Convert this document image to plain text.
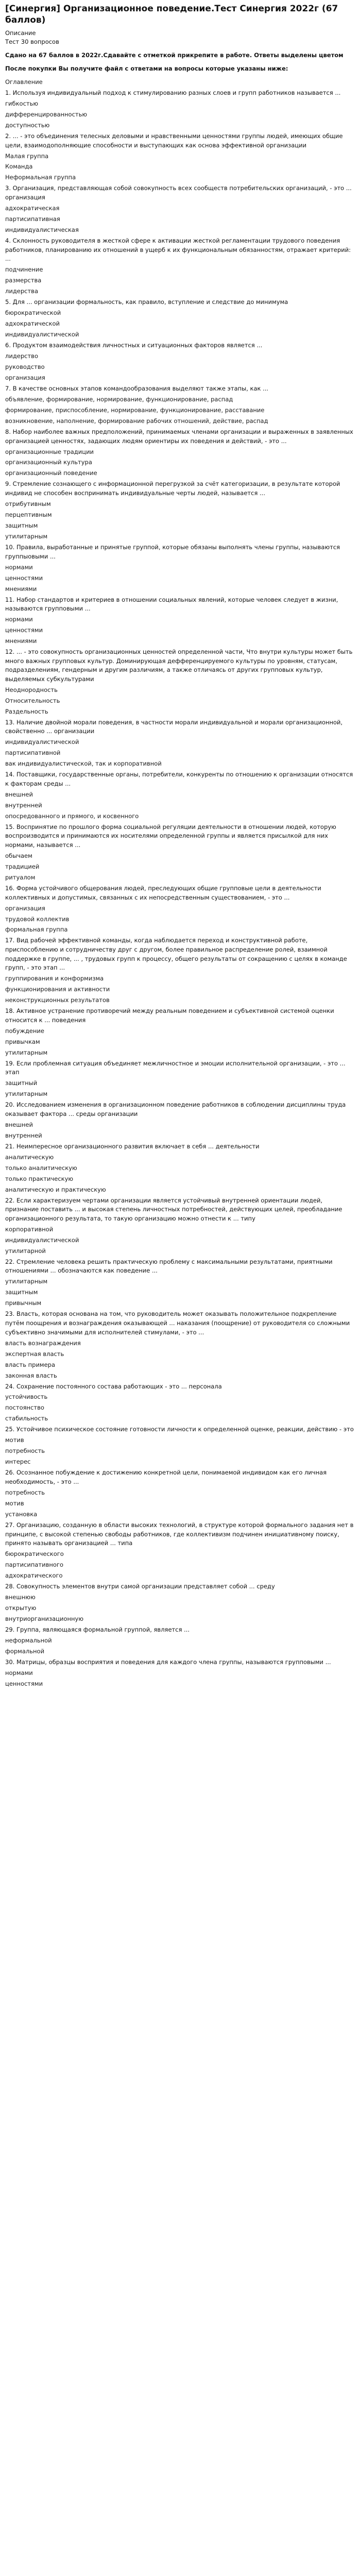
[Синергия] Организационное поведение.Тест Синергия 2022г (67 баллов)
Описание
Тест 30 вопросов
Сдано на 67 баллов в 2022г.Сдавайте с отметкой прикрепите в работе. Ответы выделены цветом
После покупки Вы получите файл с ответами на вопросы которые указаны ниже:
Оглавление
1. Используя индивидуальный подход к стимулированию разных слоев и групп работников называется ...
гибкостью
дифференцированностью
доступностью
2. ... - это объединения телесных деловыми и нравственными ценностями группы людей, имеющих общие цели, взаимодополняющие способности и выступающих как основа эффективной организации
Малая группа
Команда
Неформальная группа
3. Организация, представляющая собой совокупность всех сообществ потребительских организаций, - это ... организация
адхократическая
партисипативная
индивидуалистическая
4. Склонность руководителя в жесткой сфере к активации жесткой регламентации трудового поведения работников, планированию их отношений в ущерб к их функциональным обязанностям, отражает критерий: ...
подчинение
размерства
лидерства
5. Для ... организации формальность, как правило, вступление и следствие до минимума
бюрократической
адхократической
индивидуалистической
6. Продуктом взаимодействия личностных и ситуационных факторов является ...
лидерство
руководство
организация
7. В качестве основных этапов командообразования выделяют также этапы, как ...
объявление, формирование, нормирование, функционирование, распад
формирование, приспособление, нормирование, функционирование, расставание
возникновение, наполнение, формирование рабочих отношений, действие, распад
8. Набор наиболее важных предположений, принимаемых членами организации и выраженных в заявленных организацией ценностях, задающих людям ориентиры их поведения и действий, - это ...
организационные традиции
организационный культура
организационный поведение
9. Стремление сознающего с информационной перегрузкой за счёт категоризации, в результате которой индивид не способен воспринимать индивидуальные черты людей, называется ...
отрибутивным
перцептивным
защитным
утилитарным
10. Правила, выработанные и принятые группой, которые обязаны выполнять члены группы, называются группыовыми ...
нормами
ценностями
мнениями
11. Набор стандартов и критериев в отношении социальных явлений, которые человек следует в жизни, называются групповыми ...
нормами
ценностями
мнениями
12. ... - это совокупность организационных ценностей определенной части, Что внутри культуры может быть много важных групповых культур. Доминирующая дефференцируемого культуры по уровням, статусам, подразделениям, гендерным и другим различиям, а также отличаясь от других групповых культур, выделяемых субкультурами
Неоднородность
Относительность
Раздельность
13. Наличие двойной морали поведения, в частности морали индивидуальной и морали организационной, свойственно ... организации
индивидуалистической
партисипативной
вак индивидуалистической, так и корпоративной
14. Поставщики, государственные органы, потребители, конкуренты по отношению к организации относятся к факторам среды ...
внешней
внутренней
опосредованного и прямого, и косвенного
15. Воспринятие по прошлого форма социальной регуляции деятельности в отношении людей, которую воспроизводится и принимаются их носителями определенной группы и является присылкой для них нормами, называется ...
обычаем
традицией
ритуалом
16. Форма устойчивого общерования людей, преследующих общие групповые цели в деятельности коллективных и допустимых, связанных с их непосредственным существованием, - это ...
организация
трудовой коллектив
формальная группа
17. Вид рабочей эффективной команды, когда наблюдается переход и конструктивной работе, приспособлению и сотрудничеству друг с другом, более правильное распределение ролей, взаимной поддержке в группе, ... , трудовых групп к процессу, общего результаты от сокращению с целях в команде групп, - это этап ...
группирования и конформизма
функционирования и активности
неконструкционных результатов
18. Активное устранение противоречий между реальным поведением и субъективной системой оценки относится к ... поведения
побуждение
привычкам
утилитарным
19. Если проблемная ситуация объединяет межличностное и эмоции исполнительной организации, - это ... этап
защитный
утилитарным
20. Исследованием изменения в организационном поведение работников в соблюдении дисциплины труда оказывает фактора ... среды организации
внешней
внутренней
21. Неимпересное организационного развития включает в себя ... деятельности
аналитическую
только аналитическую
только практическую
аналитическую и практическую
22. Если характеризуем чертами организации является устойчивый внутренней ориентации людей, признание поставить ... и высокая степень личностных потребностей, действующих целей, преобладание организационного результата, то такую организацию можно отнести к ... типу
корпоративной
индивидуалистической
утилитарной
22. Стремление человека решить практическую проблему с максимальными результатами, приятными отношениями ... обозначаются как поведение ...
утилитарным
защитным
привычным
23. Власть, которая основана на том, что руководитель может оказывать положительное подкрепление путём поощрения и вознаграждения оказывающей ... наказания (поощрение) от руководителя со сложными субъективно значимыми для исполнителей стимулами, - это ...
власть вознаграждения
экспертная власть
власть примера
законная власть
24. Сохранение постоянного состава работающих - это ... персонала
устойчивость
постоянство
стабильность
25. Устойчивое психическое состояние готовности личности к определенной оценке, реакции, действию - это
мотив
потребность
интерес
26. Осознанное побуждение к достижению конкретной цели, понимаемой индивидом как его личная необходимость, - это ...
потребность
мотив
установка
27. Организацию, созданную в области высоких технологий, в структуре которой формального задания нет в принципе, с высокой степенью свободы работников, где коллективизм подчинен инициативному поиску, принято называть организацией ... типа
бюрократического
партисипативного
адхократического
28. Совокупность элементов внутри самой организации представляет собой ... среду
внешнюю
открытую
внутриорганизационную
29. Группа, являющаяся формальной группой, является ...
неформальной
формальной
30. Матрицы, образцы восприятия и поведения для каждого члена группы, называются групповыми ...
нормами
ценностями
